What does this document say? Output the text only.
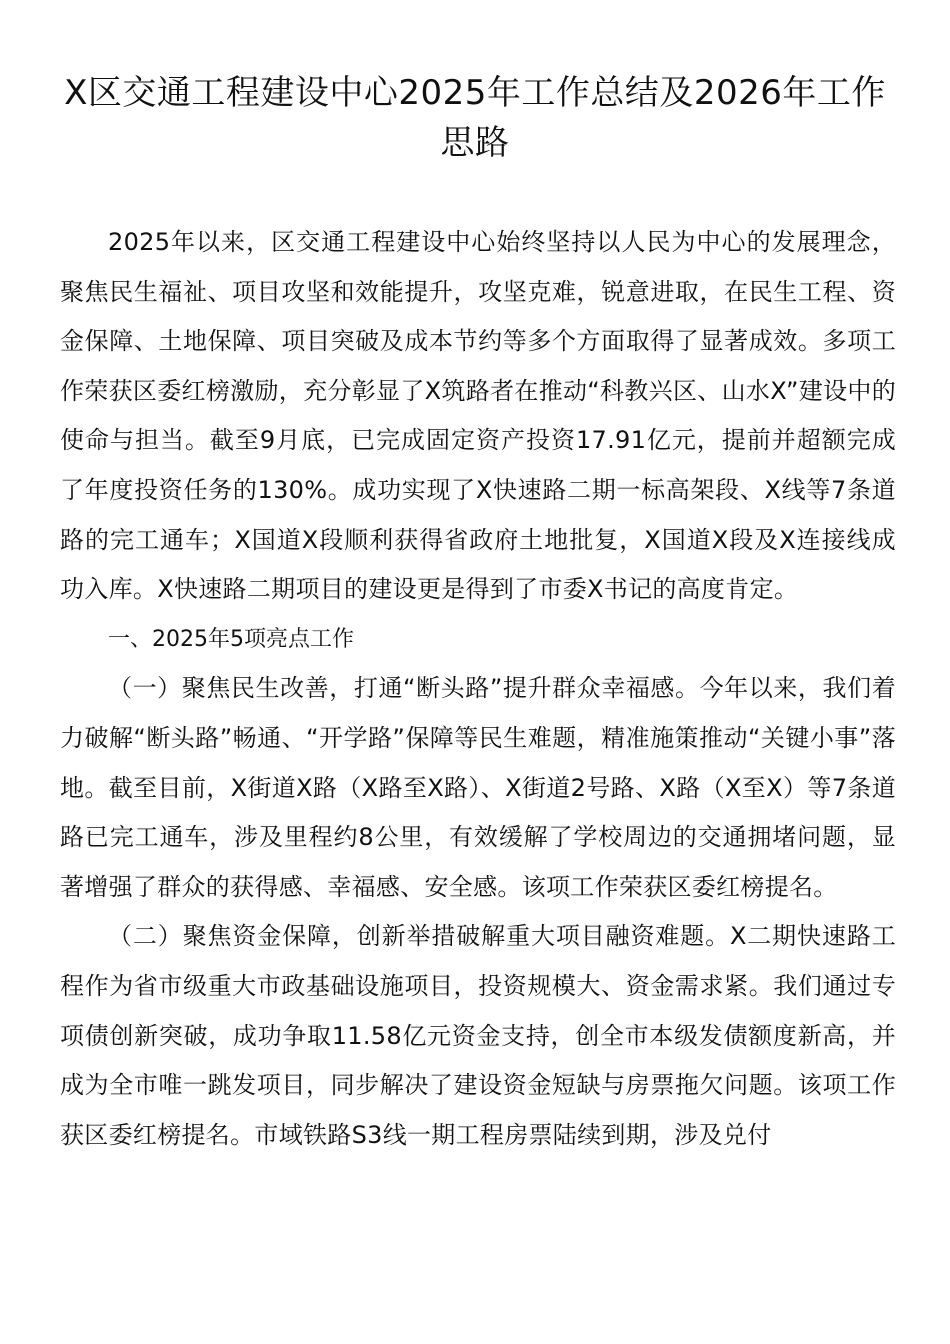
X区交通工程建设中心2025年工作总结及2026年工作思路

2025年以来，区交通工程建设中心始终坚持以人民为中心的发展理念，聚焦民生福祉、项目攻坚和效能提升，攻坚克难，锐意进取，在民生工程、资金保障、土地保障、项目突破及成本节约等多个方面取得了显著成效。多项工作荣获区委红榜激励，充分彰显了X筑路者在推动“科教兴区、山水X”建设中的使命与担当。截至9月底，已完成固定资产投资17.91亿元，提前并超额完成了年度投资任务的130%。成功实现了X快速路二期一标高架段、X线等7条道路的完工通车；X国道X段顺利获得省政府土地批复，X国道X段及X连接线成功入库。X快速路二期项目的建设更是得到了市委X书记的高度肯定。

一、2025年5项亮点工作

（一）聚焦民生改善，打通“断头路”提升群众幸福感。今年以来，我们着力破解“断头路”畅通、“开学路”保障等民生难题，精准施策推动“关键小事”落地。截至目前，X街道X路（X路至X路）、X街道2号路、X路（X至X）等7条道路已完工通车，涉及里程约8公里，有效缓解了学校周边的交通拥堵问题，显著增强了群众的获得感、幸福感、安全感。该项工作荣获区委红榜提名。

（二）聚焦资金保障，创新举措破解重大项目融资难题。X二期快速路工程作为省市级重大市政基础设施项目，投资规模大、资金需求紧。我们通过专项债创新突破，成功争取11.58亿元资金支持，创全市本级发债额度新高，并成为全市唯一跳发项目，同步解决了建设资金短缺与房票拖欠问题。该项工作获区委红榜提名。市域铁路S3线一期工程房票陆续到期，涉及兑付
